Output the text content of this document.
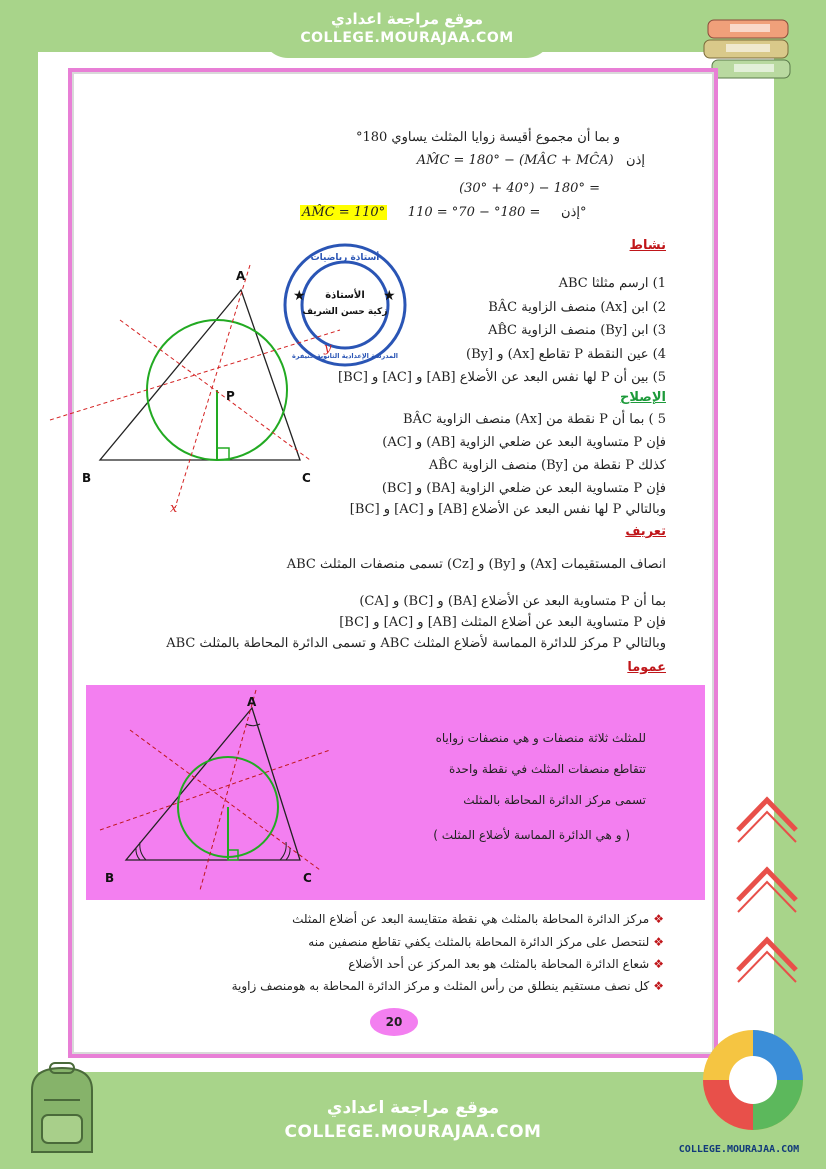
موقع مراجعة اعدادي
COLLEGE.MOURAJAA.COM
و بما أن مجموع أقيسة زوايا المثلث يساوي 180°
إذن   AM̂C = 180° − (MÂC + MĈA)
= 180° − (40° + 30°)
AM̂C = 110°	إذن     = 180° − 70° = 110°
نشاط
1) ارسم مثلثا ABC
2) ابن [Ax) منصف الزاوية BÂC
3) ابن [By) منصف الزاوية AB̂C
4) عين النقطة P تقاطع [Ax) و [By)
5) بين أن P لها نفس البعد عن الأضلاع [AB] و [AC] و [BC]
الإصلاح
5 ) بما أن P نقطة من [Ax) منصف الزاوية BÂC
فإن P متساوية البعد عن ضلعي الزاوية [AB) و [AC)
كذلك P نقطة من [By) منصف الزاوية AB̂C
فإن P متساوية البعد عن ضلعي الزاوية [BA) و [BC)
وبالتالي P لها نفس البعد عن الأضلاع [AB] و [AC] و [BC]
تعريف
انصاف المستقيمات [Ax) و [By) و [Cz) تسمى منصفات المثلث ABC
بما أن P متساوية البعد عن الأضلاع [BA) و [BC) و [CA)
فإن P متساوية البعد عن أضلاع المثلث [AB] و [AC] و [BC]
وبالتالي P مركز للدائرة المماسة لأضلاع المثلث ABC و تسمى الدائرة المحاطة بالمثلث ABC
عموما
أستاذة رياضيات
الأستاذة
زكية حسن الشريف
المدرسة الإعدادية الثانوية خنيفرة
★	★
A
B	C
P
x
y
A
B	C
للمثلث ثلاثة منصفات و هي منصفات زواياه
تتقاطع منصفات المثلث في نقطة واحدة
تسمى مركز الدائرة المحاطة بالمثلث
( و هي الدائرة المماسة لأضلاع المثلث )
❖مركز الدائرة المحاطة بالمثلث هي نقطة متقايسة البعد عن أضلاع المثلث
❖لنتحصل على مركز الدائرة المحاطة بالمثلث يكفي تقاطع منصفين منه
❖شعاع الدائرة المحاطة بالمثلث هو بعد المركز عن أحد الأضلاع
❖كل نصف مستقيم ينطلق من رأس المثلث و مركز الدائرة المحاطة به هومنصف زاوية
20
موقع مراجعة اعدادي
COLLEGE.MOURAJAA.COM
COLLEGE.MOURAJAA.COM
